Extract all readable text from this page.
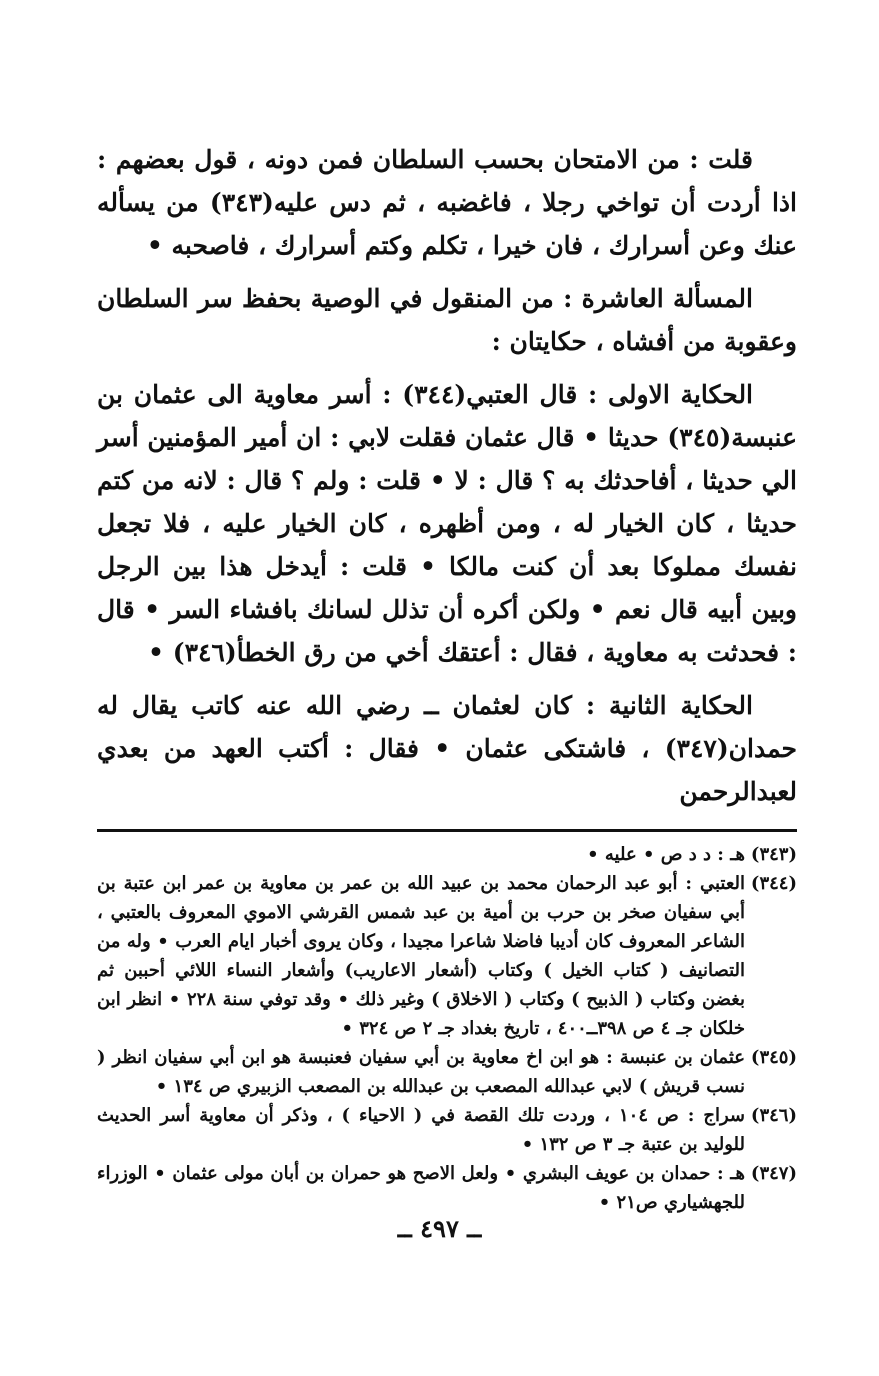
قلت : من الامتحان بحسب السلطان فمن دونه ، قول بعضهم : اذا أردت أن تواخي رجلا ، فاغضبه ، ثم دس عليه(٣٤٣) من يسأله عنك وعن أسرارك ، فان خيرا ، تكلم وكتم أسرارك ، فاصحبه •

المسألة العاشرة : من المنقول في الوصية بحفظ سر السلطان وعقوبة من أفشاه ، حكايتان :

الحكاية الاولى : قال العتبي(٣٤٤) : أسر معاوية الى عثمان بن عنبسة(٣٤٥) حديثا • قال عثمان فقلت لابي : ان أمير المؤمنين أسر الي حديثا ، أفاحدثك به ؟ قال : لا • قلت : ولم ؟ قال : لانه من كتم حديثا ، كان الخيار له ، ومن أظهره ، كان الخيار عليه ، فلا تجعل نفسك مملوكا بعد أن كنت مالكا • قلت : أيدخل هذا بين الرجل وبين أبيه قال نعم • ولكن أكره أن تذلل لسانك بافشاء السر • قال : فحدثت به معاوية ، فقال : أعتقك أخي من رق الخطأ(٣٤٦) •

الحكاية الثانية : كان لعثمان ــ رضي الله عنه كاتب يقال له حمدان(٣٤٧) ، فاشتكى عثمان • فقال : أكتب العهد من بعدي لعبدالرحمن

(٣٤٣)
هـ : د د ص • عليه •
(٣٤٤)
العتبي : أبو عبد الرحمان محمد بن عبيد الله بن عمر بن معاوية بن عمر ابن عتبة بن أبي سفيان صخر بن حرب بن أمية بن عبد شمس القرشي الاموي المعروف بالعتبي ، الشاعر المعروف كان أديبا فاضلا شاعرا مجيدا ، وكان يروى أخبار ايام العرب • وله من التصانيف ( كتاب الخيل ) وكتاب (أشعار الاعاريب) وأشعار النساء اللائي أحببن ثم بغضن وكتاب ( الذبيح ) وكتاب ( الاخلاق ) وغير ذلك • وقد توفي سنة ٢٢٨ • انظر ابن خلكان جـ ٤ ص ٣٩٨ــ٤٠٠ ، تاريخ بغداد جـ ٢ ص ٣٢٤ •
(٣٤٥)
عثمان بن عنبسة : هو ابن اخ معاوية بن أبي سفيان فعنبسة هو ابن أبي سفيان انظر ( نسب قريش ) لابي عبدالله المصعب بن عبدالله بن المصعب الزبيري ص ١٣٤ •
(٣٤٦)
سراج : ص ١٠٤ ، وردت تلك القصة في ( الاحياء ) ، وذكر أن معاوية أسر الحديث للوليد بن عتبة جـ ٣ ص ١٣٢ •
(٣٤٧)
هـ : حمدان بن عويف البشري • ولعل الاصح هو حمران بن أبان مولى عثمان • الوزراء للجهشياري ص٢١ •
ــ ٤٩٧ ــ
